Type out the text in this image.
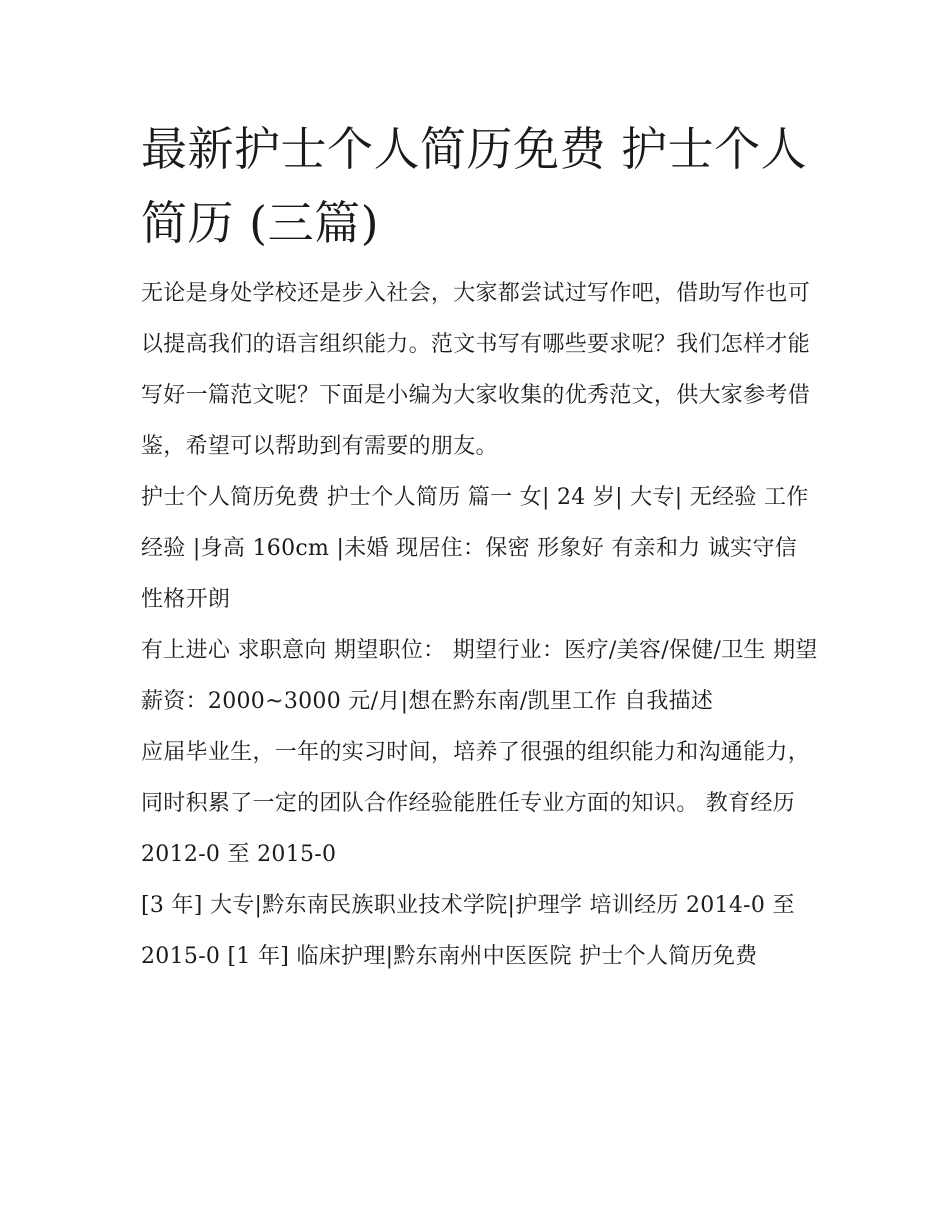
最新护士个人简历免费 护士个人简历 (三篇)

无论是身处学校还是步入社会，大家都尝试过写作吧，借助写作也可以提高我们的语言组织能力。范文书写有哪些要求呢？我们怎样才能写好一篇范文呢？下面是小编为大家收集的优秀范文，供大家参考借鉴，希望可以帮助到有需要的朋友。

护士个人简历免费 护士个人简历 篇一 女| 24 岁| 大专| 无经验 工作经验 |身高 160cm |未婚 现居住：保密 形象好 有亲和力 诚实守信 性格开朗

有上进心 求职意向 期望职位： 期望行业：医疗/美容/保健/卫生 期望薪资：2000~3000 元/月|想在黔东南/凯里工作 自我描述

应届毕业生，一年的实习时间，培养了很强的组织能力和沟通能力，同时积累了一定的团队合作经验能胜任专业方面的知识。 教育经历 2012-0 至 2015-0

[3 年] 大专|黔东南民族职业技术学院|护理学 培训经历 2014-0 至 2015-0 [1 年] 临床护理|黔东南州中医医院 护士个人简历免费
